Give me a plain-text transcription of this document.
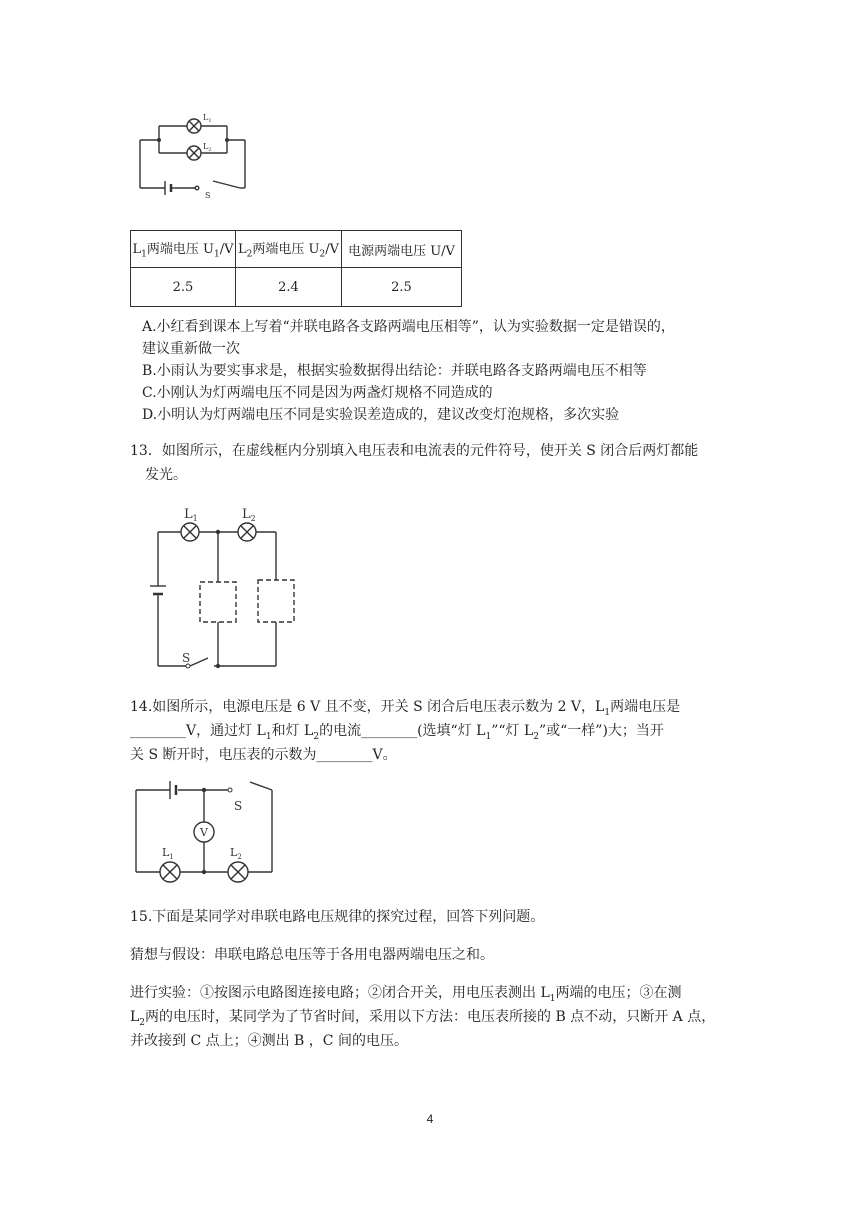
$L_1$
$L_2$
S
$L_1$两端电压 $U_1/V$	$L_2$两端电压 $U_2/V$	电源两端电压 U/V
2.5	2.4	2.5
A.小红看到课本上写着“并联电路各支路两端电压相等”，认为实验数据一定是错误的，
建议重新做一次
B.小雨认为要实事求是，根据实验数据得出结论：并联电路各支路两端电压不相等
C.小刚认为灯两端电压不同是因为两盏灯规格不同造成的
D.小明认为灯两端电压不同是实验误差造成的，建议改变灯泡规格，多次实验
13．如图所示，在虚线框内分别填入电压表和电流表的元件符号，使开关 S 闭合后两灯都能
发光。
$L_1$	$L_2$
S
14.如图所示，电源电压是 6 V 且不变，开关 S 闭合后电压表示数为 2 V，$L_1$两端电压是
________V，通过灯 $L_1$和灯 $L_2$的电流________(选填“灯 $L_1”“$灯 $L_2$”或“一样”)大；当开
关 S 断开时，电压表的示数为________V。
V
S
$L_1$	$L_2$
15.下面是某同学对串联电路电压规律的探究过程，回答下列问题。
猜想与假设：串联电路总电压等于各用电器两端电压之和。
进行实验：①按图示电路图连接电路；②闭合开关，用电压表测出 $L_1$两端的电压；③在测
$L_2$两的电压时，某同学为了节省时间，采用以下方法：电压表所接的 B 点不动，只断开 A 点，
并改接到 C 点上；④测出 B ，C 间的电压。
4
